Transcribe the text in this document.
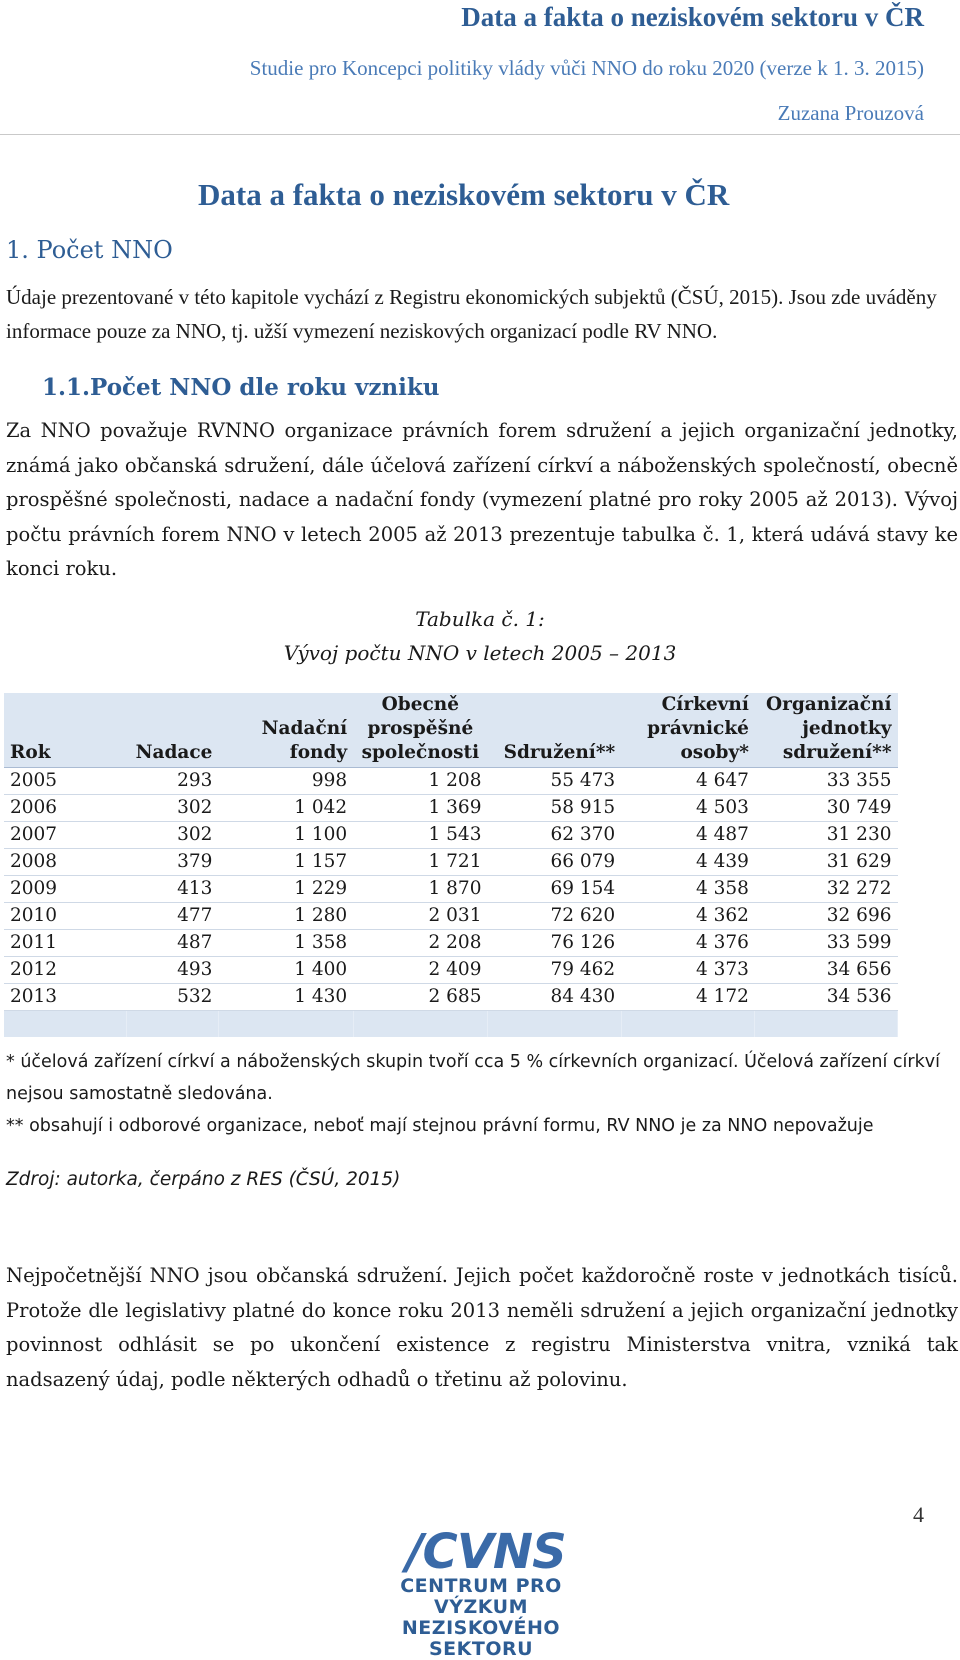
Data a fakta o neziskovém sektoru v ČR
Studie pro Koncepci politiky vlády vůči NNO do roku 2020 (verze k 1. 3. 2015)
Zuzana Prouzová
Data a fakta o neziskovém sektoru v ČR
1. Počet NNO

Údaje prezentované v této kapitole vychází z Registru ekonomických subjektů (ČSÚ, 2015). Jsou zde uváděny informace pouze za NNO, tj. užší vymezení neziskových organizací podle RV NNO.

1.1.Počet NNO dle roku vzniku

Za NNO považuje RVNNO organizace právních forem sdružení a jejich organizační jednotky, známá jako občanská sdružení, dále účelová zařízení církví a náboženských společností, obecně prospěšné společnosti, nadace a nadační fondy (vymezení platné pro roky 2005 až 2013). Vývoj počtu právních forem NNO v letech 2005 až 2013 prezentuje tabulka č. 1, která udává stavy ke konci roku.

Tabulka č. 1:
Vývoj počtu NNO v letech 2005 – 2013
Rok	Nadace	Nadační fondy	Obecně prospěšné společnosti	Sdružení**	Církevní právnické osoby*	Organizační jednotky sdružení**
2005	293	998	1 208	55 473	4 647	33 355
2006	302	1 042	1 369	58 915	4 503	30 749
2007	302	1 100	1 543	62 370	4 487	31 230
2008	379	1 157	1 721	66 079	4 439	31 629
2009	413	1 229	1 870	69 154	4 358	32 272
2010	477	1 280	2 031	72 620	4 362	32 696
2011	487	1 358	2 208	76 126	4 376	33 599
2012	493	1 400	2 409	79 462	4 373	34 656
2013	532	1 430	2 685	84 430	4 172	34 536

* účelová zařízení církví a náboženských skupin tvoří cca 5 % církevních organizací. Účelová zařízení církví nejsou samostatně sledována.

** obsahují i odborové organizace, neboť mají stejnou právní formu, RV NNO je za NNO nepovažuje

Zdroj: autorka, čerpáno z RES (ČSÚ, 2015)

Nejpočetnější NNO jsou občanská sdružení. Jejich počet každoročně roste v jednotkách tisíců. Protože dle legislativy platné do konce roku 2013 neměli sdružení a jejich organizační jednotky povinnost odhlásit se po ukončení existence z registru Ministerstva vnitra, vzniká tak nadsazený údaj, podle některých odhadů o třetinu až polovinu.

4
/CVNS
CENTRUM PRO VÝZKUM
NEZISKOVÉHO SEKTORU
